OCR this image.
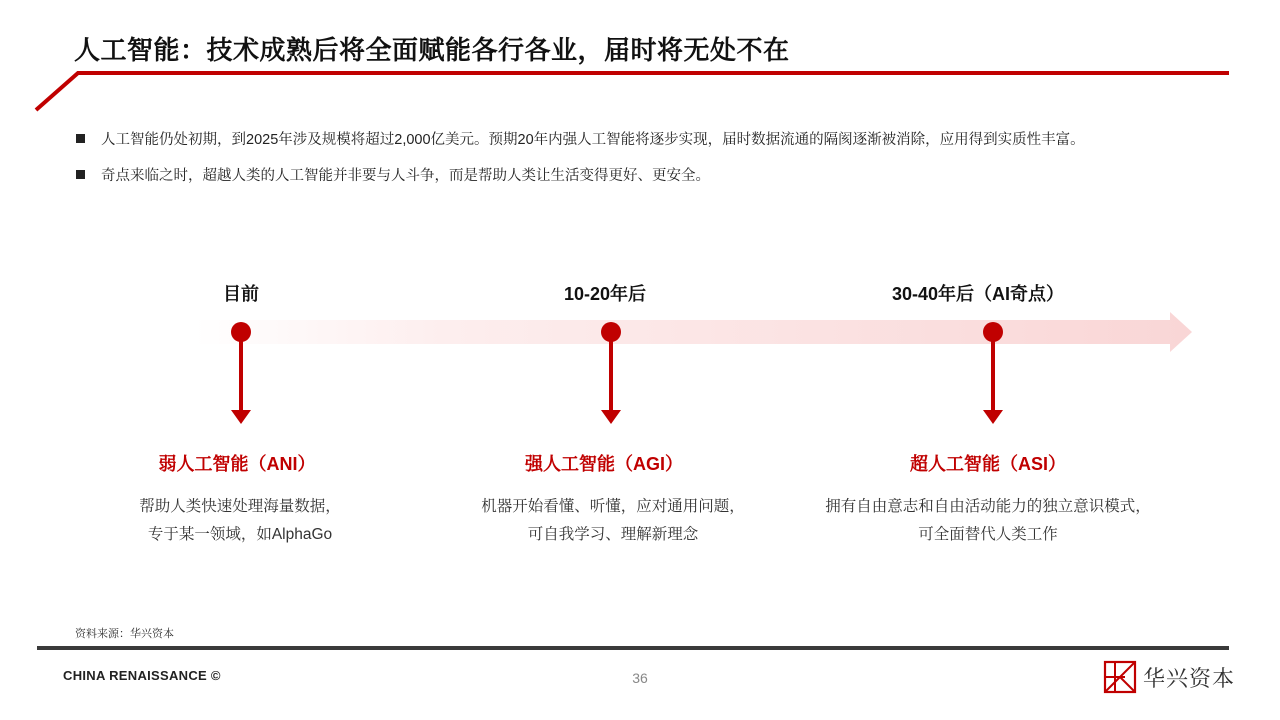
人工智能：技术成熟后将全面赋能各行各业，届时将无处不在
人工智能仍处初期，到2025年涉及规模将超过2,000亿美元。预期20年内强人工智能将逐步实现，届时数据流通的隔阂逐渐被消除，应用得到实质性丰富。
奇点来临之时，超越人类的人工智能并非要与人斗争，而是帮助人类让生活变得更好、更安全。
目前
弱人工智能（ANI）
帮助人类快速处理海量数据，
专于某一领域，如AlphaGo
10-20年后
强人工智能（AGI）
机器开始看懂、听懂，应对通用问题，
可自我学习、理解新理念
30-40年后（AI奇点）
超人工智能（ASI）
拥有自由意志和自由活动能力的独立意识模式，
可全面替代人类工作
资料来源：华兴资本
CHINA RENAISSANCE ©	36	华兴资本
